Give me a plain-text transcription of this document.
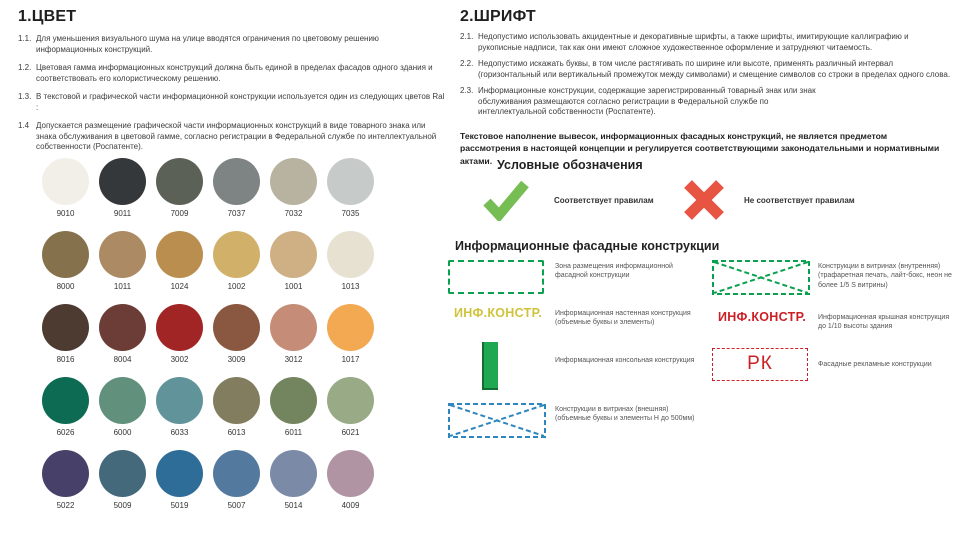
1.ЦВЕТ
1.1. Для уменьшения визуального шума на улице вводятся ограничения по цветовому решению информационных конструкций.
1.2. Цветовая гамма информационных конструкций должна быть единой в пределах фасадов одного здания и соответствовать его колористическому решению.
1.3. В текстовой и графической части информационной конструкции используется один из следующих цветов Ral :
1.4 Допускается размещение графической части информационных конструкций в виде товарного знака или знака обслуживания в цветовой гамме, согласно регистрации в Федеральной службе по интеллектуальной собственности (Роспатенте).
9010	9011	7009	7037	7032	7035
8000	1011	1024	1002	1001	1013
8016	8004	3002	3009	3012	1017
6026	6000	6033	6013	6011	6021
5022	5009	5019	5007	5014	4009
2.ШРИФТ
2.1. Недопустимо использовать акцидентные и декоративные шрифты, а также шрифты, имитирующие каллиграфию и рукописные надписи, так как они имеют сложное художественное оформление и затрудняют читаемость.
2.2. Недопустимо искажать буквы, в том числе растягивать по ширине или высоте, применять различный интервал (горизонтальный или вертикальный промежуток между символами) и смещение символов со строки в пределах одного слова.
2.3. Информационные конструкции, содержащие зарегистрированный товарный знак или знак обслуживания размещаются согласно регистрации в Федеральной службе по интеллектуальной собственности (Роспатенте).
Текстовое наполнение вывесок, информационных фасадных конструкций, не является предметом рассмотрения в настоящей концепции и регулируется соответствующими законодательными и нормативными актами. Условные обозначения
Соответствует правилам	Не соответствует правилам
Информационные фасадные конструкции
Зона размещения информационной фасадной конструкции
ИНФ.КОНСТР. Информационная настенная конструкция (объемные буквы и элементы)
Информационная консольная конструкция
Конструкции в витринах (внешняя) (объемные буквы и элементы Н до 500мм)
Конструкции в витринах (внутренняя) (трафаретная печать, лайт-бокс, неон не более 1/5 S витрины)
ИНФ.КОНСТР. Информационная крышная конструкция до 1/10 высоты здания
РК	Фасадные рекламные конструкции
